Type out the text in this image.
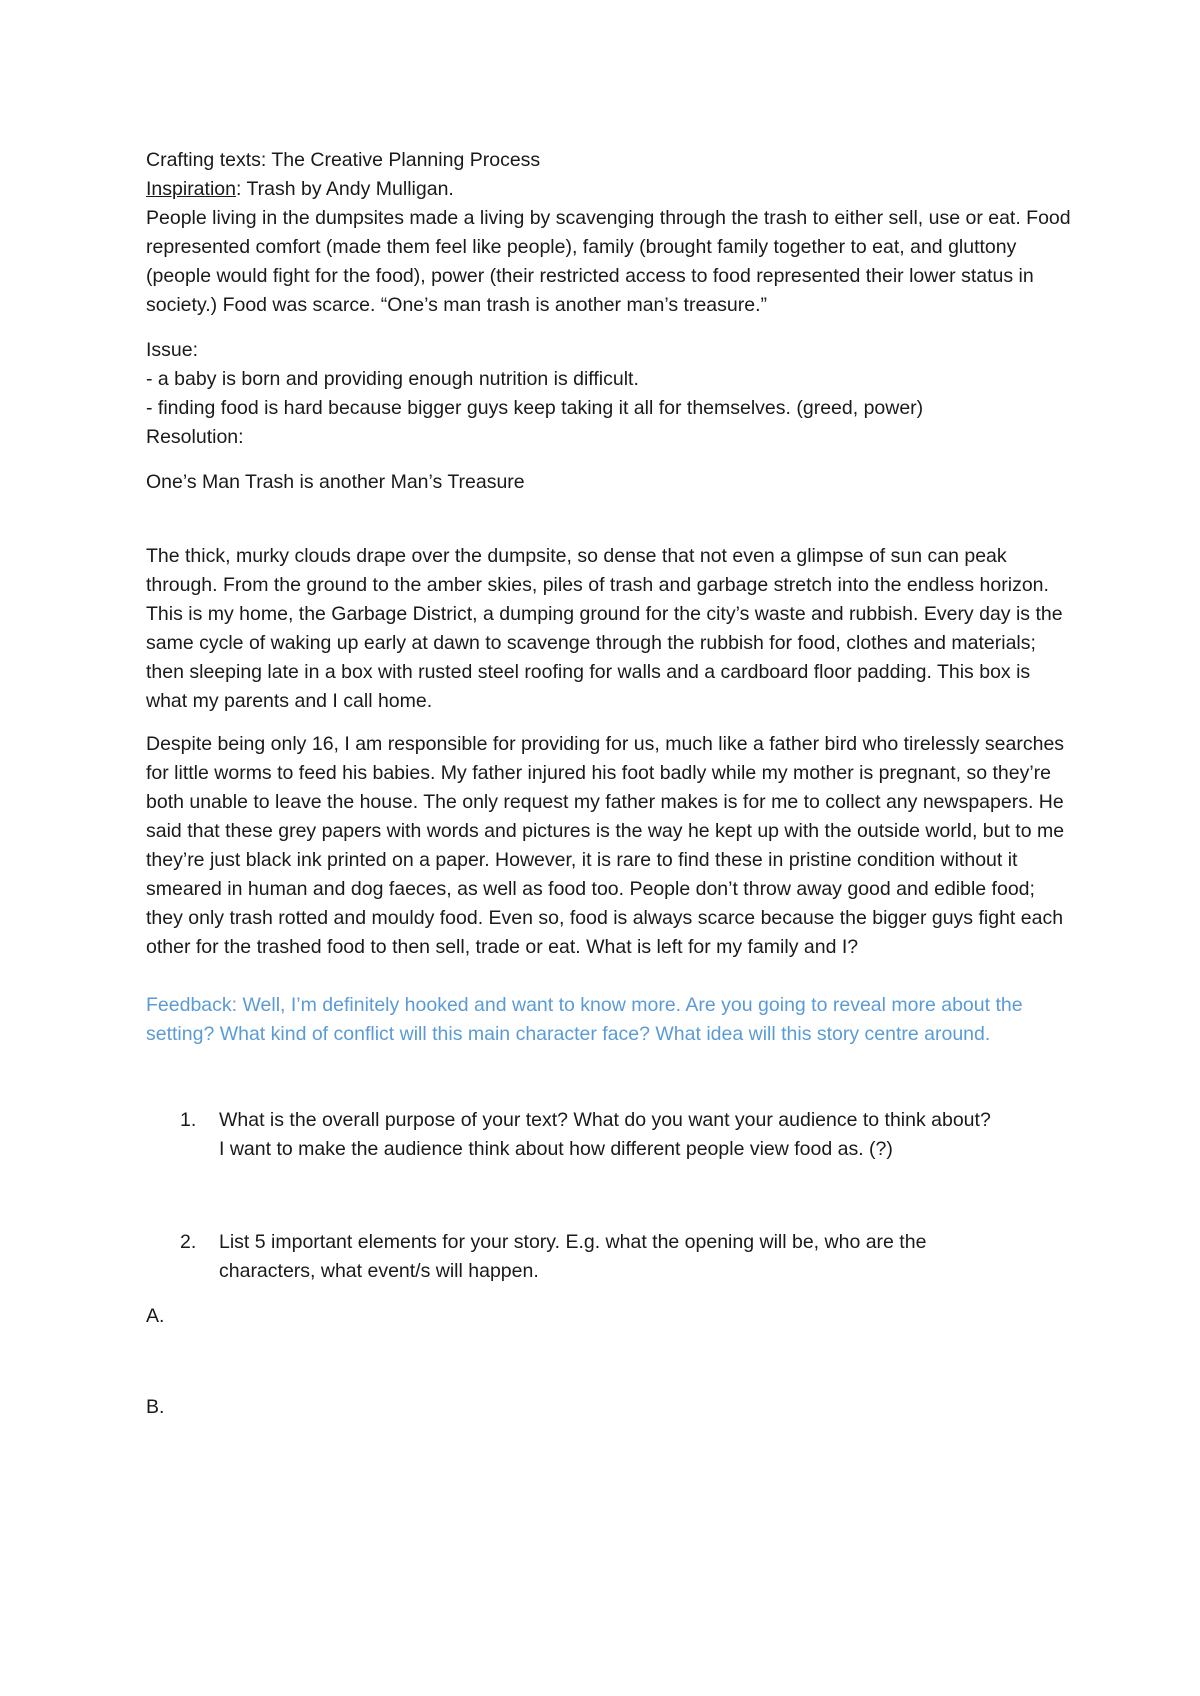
Crafting texts: The Creative Planning Process

Inspiration: Trash by Andy Mulligan.

People living in the dumpsites made a living by scavenging through the trash to either sell, use or eat. Food represented comfort (made them feel like people), family (brought family together to eat, and gluttony (people would fight for the food), power (their restricted access to food represented their lower status in society.) Food was scarce. “One’s man trash is another man’s treasure.”

Issue:

- a baby is born and providing enough nutrition is difficult.

- finding food is hard because bigger guys keep taking it all for themselves. (greed, power)

Resolution:

One’s Man Trash is another Man’s Treasure

The thick, murky clouds drape over the dumpsite, so dense that not even a glimpse of sun can peak through. From the ground to the amber skies, piles of trash and garbage stretch into the endless horizon. This is my home, the Garbage District, a dumping ground for the city’s waste and rubbish. Every day is the same cycle of waking up early at dawn to scavenge through the rubbish for food, clothes and materials; then sleeping late in a box with rusted steel roofing for walls and a cardboard floor padding. This box is what my parents and I call home.

Despite being only 16, I am responsible for providing for us, much like a father bird who tirelessly searches for little worms to feed his babies. My father injured his foot badly while my mother is pregnant, so they’re both unable to leave the house. The only request my father makes is for me to collect any newspapers. He said that these grey papers with words and pictures is the way he kept up with the outside world, but to me they’re just black ink printed on a paper. However, it is rare to find these in pristine condition without it smeared in human and dog faeces, as well as food too. People don’t throw away good and edible food; they only trash rotted and mouldy food. Even so, food is always scarce because the bigger guys fight each other for the trashed food to then sell, trade or eat. What is left for my family and I?

Feedback: Well, I’m definitely hooked and want to know more. Are you going to reveal more about the setting? What kind of conflict will this main character face? What idea will this story centre around.

1. What is the overall purpose of your text? What do you want your audience to think about?

I want to make the audience think about how different people view food as. (?)

2. List 5 important elements for your story. E.g. what the opening will be, who are the

characters, what event/s will happen.

A.

B.
